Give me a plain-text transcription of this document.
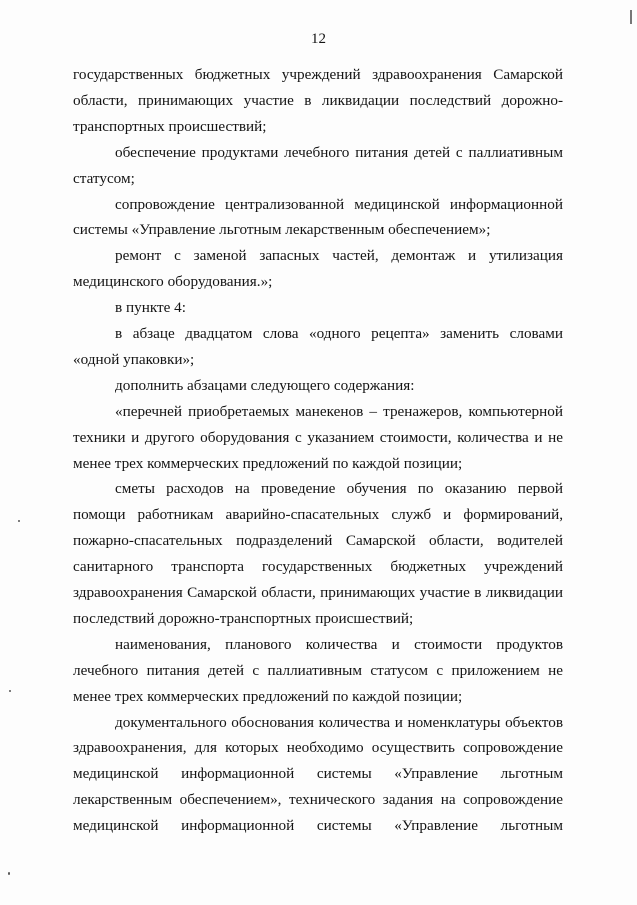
12
государственных бюджетных учреждений здравоохранения Самарской
области, принимающих участие в ликвидации последствий дорожно-
транспортных происшествий;
обеспечение продуктами лечебного питания детей с паллиативным
статусом;
сопровождение централизованной медицинской информационной
системы «Управление льготным лекарственным обеспечением»;
ремонт с заменой запасных частей, демонтаж и утилизация
медицинского оборудования.»;
в пункте 4:
в абзаце двадцатом слова «одного рецепта» заменить словами
«одной упаковки»;
дополнить абзацами следующего содержания:
«перечней приобретаемых манекенов – тренажеров, компьютерной
техники и другого оборудования с указанием стоимости, количества и не
менее трех коммерческих предложений по каждой позиции;
сметы расходов на проведение обучения по оказанию первой
помощи работникам аварийно-спасательных служб и формирований,
пожарно-спасательных подразделений Самарской области, водителей
санитарного транспорта государственных бюджетных учреждений
здравоохранения Самарской области, принимающих участие в ликвидации
последствий дорожно-транспортных происшествий;
наименования, планового количества и стоимости продуктов
лечебного питания детей с паллиативным статусом с приложением не
менее трех коммерческих предложений по каждой позиции;
документального обоснования количества и номенклатуры объектов
здравоохранения, для которых необходимо осуществить сопровождение
медицинской информационной системы «Управление льготным
лекарственным обеспечением», технического задания на сопровождение
медицинской информационной системы «Управление льготным
